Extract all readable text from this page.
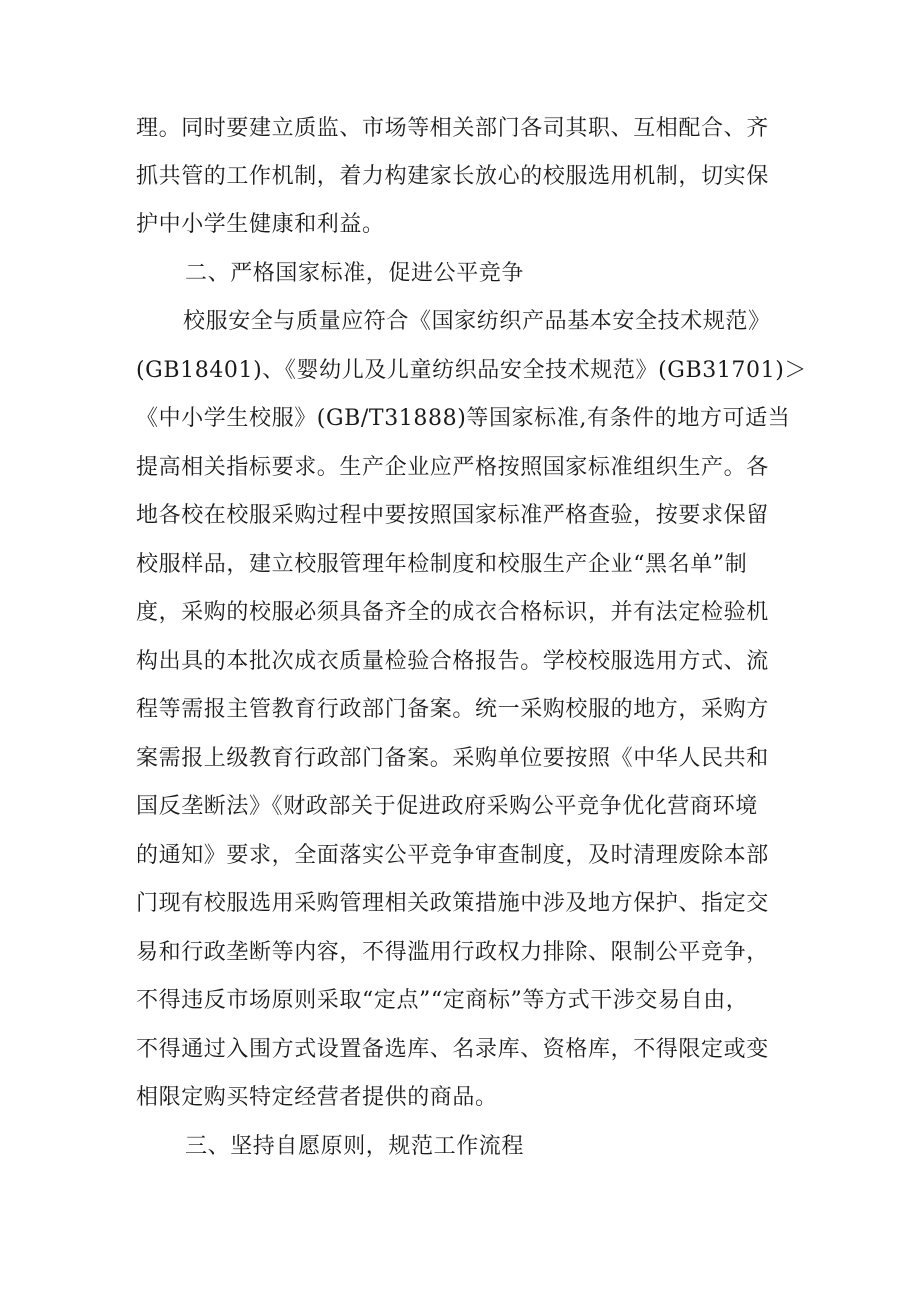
理。同时要建立质监、市场等相关部门各司其职、互相配合、齐
抓共管的工作机制，着力构建家长放心的校服选用机制，切实保
护中小学生健康和利益。
二、严格国家标准，促进公平竞争
校服安全与质量应符合《国家纺织产品基本安全技术规范》
(GB18401)、《婴幼儿及儿童纺织品安全技术规范》(GB31701)＞
《中小学生校服》(GB/T31888)等国家标准,有条件的地方可适当
提高相关指标要求。生产企业应严格按照国家标准组织生产。各
地各校在校服采购过程中要按照国家标准严格查验，按要求保留
校服样品，建立校服管理年检制度和校服生产企业“黑名单”制
度，采购的校服必须具备齐全的成衣合格标识，并有法定检验机
构出具的本批次成衣质量检验合格报告。学校校服选用方式、流
程等需报主管教育行政部门备案。统一采购校服的地方，采购方
案需报上级教育行政部门备案。采购单位要按照《中华人民共和
国反垄断法》《财政部关于促进政府采购公平竞争优化营商环境
的通知》要求，全面落实公平竞争审查制度，及时清理废除本部
门现有校服选用采购管理相关政策措施中涉及地方保护、指定交
易和行政垄断等内容，不得滥用行政权力排除、限制公平竞争，
不得违反市场原则采取“定点”“定商标”等方式干涉交易自由，
不得通过入围方式设置备选库、名录库、资格库，不得限定或变
相限定购买特定经营者提供的商品。
三、坚持自愿原则，规范工作流程
